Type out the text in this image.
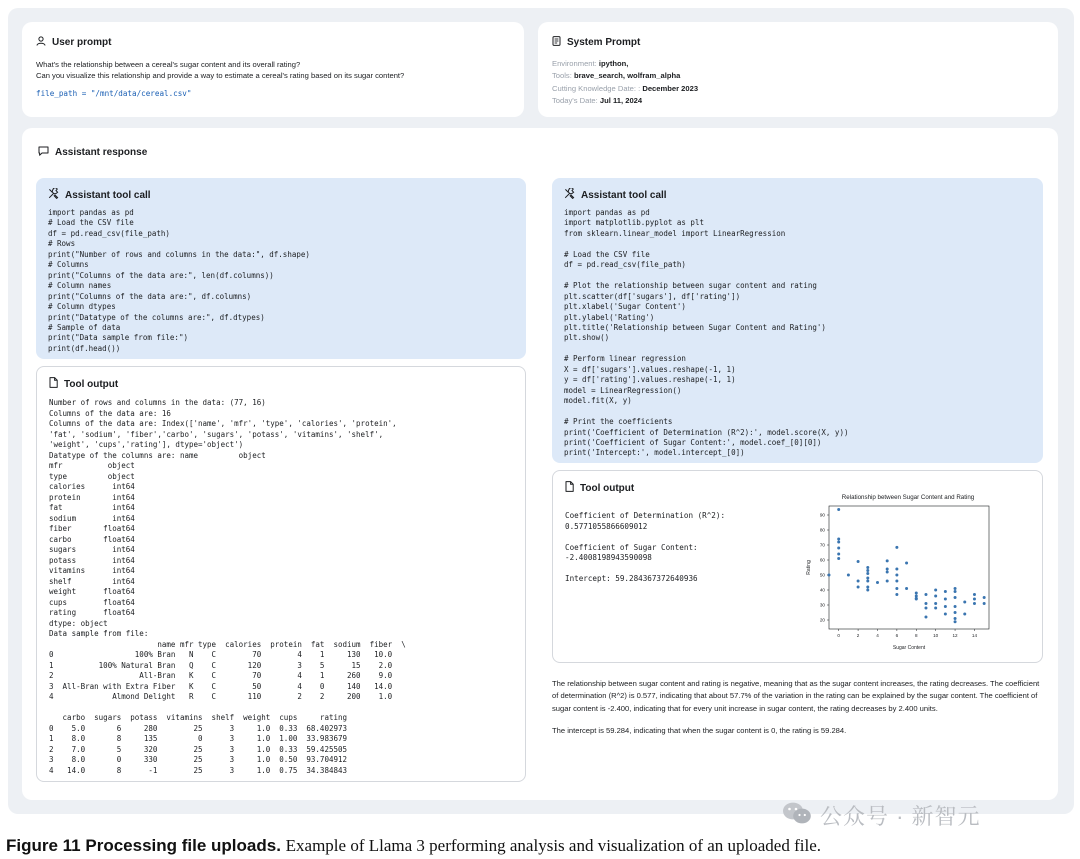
User prompt
What's the relationship between a cereal's sugar content and its overall rating?
Can you visualize this relationship and provide a way to estimate a cereal's rating based on its sugar content?
file_path = "/mnt/data/cereal.csv"
System Prompt
Environment: ipython,
Tools: brave_search, wolfram_alpha
Cutting Knowledge Date: : December 2023
Today's Date: Jul 11, 2024
Assistant response
Assistant tool call
import pandas as pd
# Load the CSV file
df = pd.read_csv(file_path)
# Rows
print("Number of rows and columns in the data:", df.shape)
# Columns
print("Columns of the data are:", len(df.columns))
# Column names
print("Columns of the data are:", df.columns)
# Column dtypes
print("Datatype of the columns are:", df.dtypes)
# Sample of data
print("Data sample from file:")
print(df.head())
Tool output
Number of rows and columns in the data: (77, 16)
Columns of the data are: 16
Columns of the data are: Index(['name', 'mfr', 'type', 'calories', 'protein',
'fat', 'sodium', 'fiber','carbo', 'sugars', 'potass', 'vitamins', 'shelf',
'weight', 'cups','rating'], dtype='object')
Datatype of the columns are: name         object
mfr          object
type         object
calories      int64
protein       int64
fat           int64
sodium        int64
fiber       float64
carbo       float64
sugars        int64
potass        int64
vitamins      int64
shelf         int64
weight      float64
cups        float64
rating      float64
dtype: object
Data sample from file:
name mfr type  calories  protein  fat  sodium  fiber  \
0                  100% Bran   N    C        70        4    1     130   10.0
1          100% Natural Bran   Q    C       120        3    5      15    2.0
2                   All-Bran   K    C        70        4    1     260    9.0
3  All-Bran with Extra Fiber   K    C        50        4    0     140   14.0
4             Almond Delight   R    C       110        2    2     200    1.0

carbo  sugars  potass  vitamins  shelf  weight  cups     rating
0    5.0       6     280        25      3     1.0  0.33  68.402973
1    8.0       8     135         0      3     1.0  1.00  33.983679
2    7.0       5     320        25      3     1.0  0.33  59.425505
3    8.0       0     330        25      3     1.0  0.50  93.704912
4   14.0       8      -1        25      3     1.0  0.75  34.384843
Assistant tool call
import pandas as pd
import matplotlib.pyplot as plt
from sklearn.linear_model import LinearRegression

# Load the CSV file
df = pd.read_csv(file_path)

# Plot the relationship between sugar content and rating
plt.scatter(df['sugars'], df['rating'])
plt.xlabel('Sugar Content')
plt.ylabel('Rating')
plt.title('Relationship between Sugar Content and Rating')
plt.show()

# Perform linear regression
X = df['sugars'].values.reshape(-1, 1)
y = df['rating'].values.reshape(-1, 1)
model = LinearRegression()
model.fit(X, y)

# Print the coefficients
print('Coefficient of Determination (R^2):', model.score(X, y))
print('Coefficient of Sugar Content:', model.coef_[0][0])
print('Intercept:', model.intercept_[0])
Tool output
Coefficient of Determination (R^2):
0.5771055866609012

Coefficient of Sugar Content:
-2.4008198943590098

Intercept: 59.284367372640936
Relationship between Sugar Content and Rating
0	2	4	6	8	10	12	14
20
30
40
50
60
70
80
90
Sugar Content
Rating

The relationship between sugar content and rating is negative, meaning that as the sugar content increases, the rating decreases. The coefficient of determination (R^2) is 0.577, indicating that about 57.7% of the variation in the rating can be explained by the sugar content. The coefficient of sugar content is -2.400, indicating that for every unit increase in sugar content, the rating decreases by 2.400 units.

The intercept is 59.284, indicating that when the sugar content is 0, the rating is 59.284.

公众号 · 新智元
Figure 11 Processing file uploads. Example of Llama 3 performing analysis and visualization of an uploaded file.
